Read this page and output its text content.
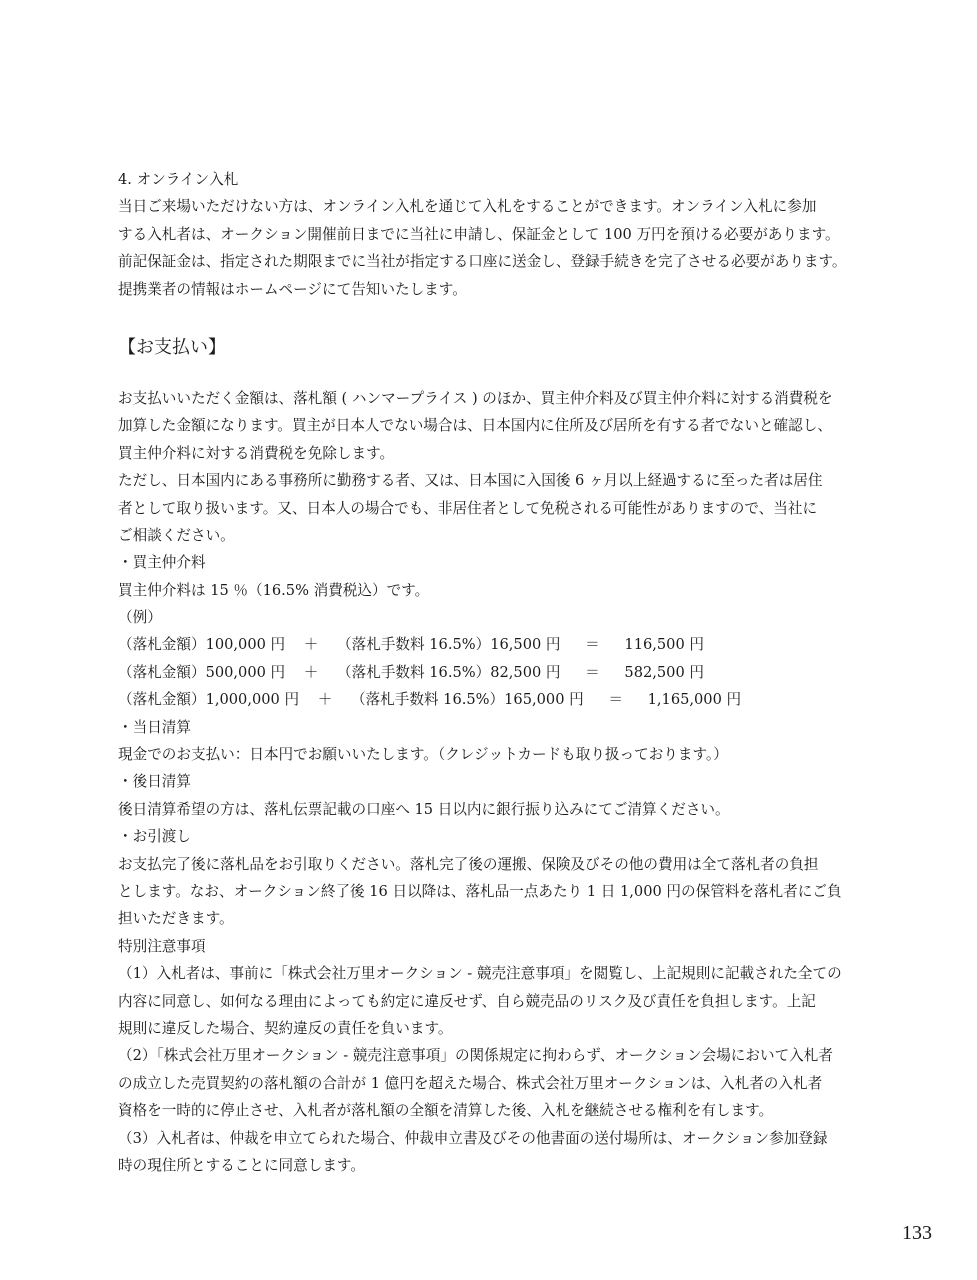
4. オンライン入札
当日ご来場いただけない方は、オンライン入札を通じて入札をすることができます。オンライン入札に参加
する入札者は、オークション開催前日までに当社に申請し、保証金として 100 万円を預ける必要があります。
前記保証金は、指定された期限までに当社が指定する口座に送金し、登録手続きを完了させる必要があります。
提携業者の情報はホームページにて告知いたします。
【お支払い】
お支払いいただく金額は、落札額 ( ハンマープライス ) のほか、買主仲介料及び買主仲介料に対する消費税を
加算した金額になります。買主が日本人でない場合は、日本国内に住所及び居所を有する者でないと確認し、
買主仲介料に対する消費税を免除します。
ただし、日本国内にある事務所に勤務する者、又は、日本国に入国後 6 ヶ月以上経過するに至った者は居住
者として取り扱います。又、日本人の場合でも、非居住者として免税される可能性がありますので、当社に
ご相談ください。
・買主仲介料
買主仲介料は 15 ％（16.5% 消費税込）です。
（例）
（落札金額）100,000 円 ＋ （落札手数料 16.5%）16,500 円 ＝ 116,500 円
（落札金額）500,000 円 ＋ （落札手数料 16.5%）82,500 円 ＝ 582,500 円
（落札金額）1,000,000 円 ＋ （落札手数料 16.5%）165,000 円 ＝ 1,165,000 円
・当日清算
現金でのお支払い：日本円でお願いいたします。（クレジットカードも取り扱っております。）
・後日清算
後日清算希望の方は、落札伝票記載の口座へ 15 日以内に銀行振り込みにてご清算ください。
・お引渡し
お支払完了後に落札品をお引取りください。落札完了後の運搬、保険及びその他の費用は全て落札者の負担
とします。なお、オークション終了後 16 日以降は、落札品一点あたり 1 日 1,000 円の保管料を落札者にご負
担いただきます。
特別注意事項
（1）入札者は、事前に「株式会社万里オークション - 競売注意事項」を閲覧し、上記規則に記載された全ての
内容に同意し、如何なる理由によっても約定に違反せず、自ら競売品のリスク及び責任を負担します。上記
規則に違反した場合、契約違反の責任を負います。
（2）「株式会社万里オークション - 競売注意事項」の関係規定に拘わらず、オークション会場において入札者
の成立した売買契約の落札額の合計が 1 億円を超えた場合、株式会社万里オークションは、入札者の入札者
資格を一時的に停止させ、入札者が落札額の全額を清算した後、入札を継続させる権利を有します。
（3）入札者は、仲裁を申立てられた場合、仲裁申立書及びその他書面の送付場所は、オークション参加登録
時の現住所とすることに同意します。
133
